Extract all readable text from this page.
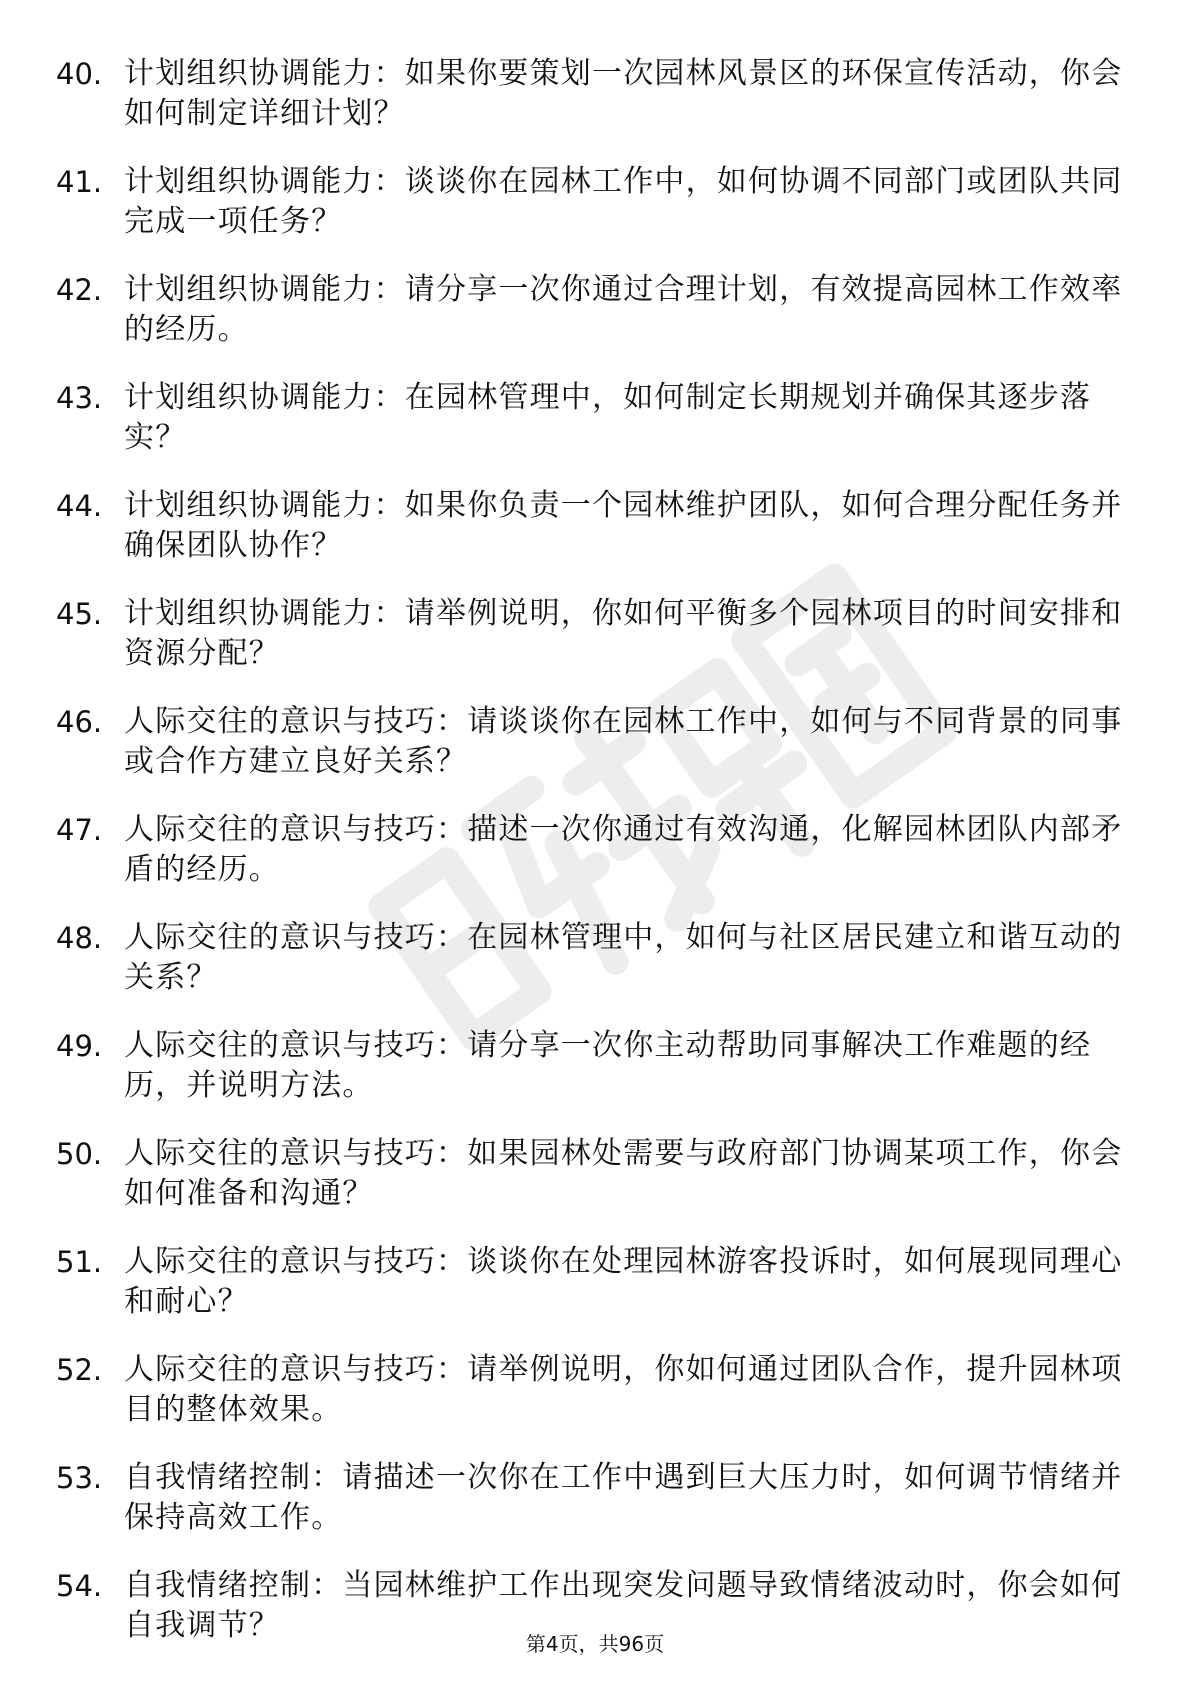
40. 计划组织协调能力：如果你要策划一次园林风景区的环保宣传活动，你会如何制定详细计划？
41. 计划组织协调能力：谈谈你在园林工作中，如何协调不同部门或团队共同完成一项任务？
42. 计划组织协调能力：请分享一次你通过合理计划，有效提高园林工作效率的经历。
43. 计划组织协调能力：在园林管理中，如何制定长期规划并确保其逐步落实？
44. 计划组织协调能力：如果你负责一个园林维护团队，如何合理分配任务并确保团队协作？
45. 计划组织协调能力：请举例说明，你如何平衡多个园林项目的时间安排和资源分配？
46. 人际交往的意识与技巧：请谈谈你在园林工作中，如何与不同背景的同事或合作方建立良好关系？
47. 人际交往的意识与技巧：描述一次你通过有效沟通，化解园林团队内部矛盾的经历。
48. 人际交往的意识与技巧：在园林管理中，如何与社区居民建立和谐互动的关系？
49. 人际交往的意识与技巧：请分享一次你主动帮助同事解决工作难题的经历，并说明方法。
50. 人际交往的意识与技巧：如果园林处需要与政府部门协调某项工作，你会如何准备和沟通？
51. 人际交往的意识与技巧：谈谈你在处理园林游客投诉时，如何展现同理心和耐心？
52. 人际交往的意识与技巧：请举例说明，你如何通过团队合作，提升园林项目的整体效果。
53. 自我情绪控制：请描述一次你在工作中遇到巨大压力时，如何调节情绪并保持高效工作。
54. 自我情绪控制：当园林维护工作出现突发问题导致情绪波动时，你会如何自我调节？
第4页，共96页
